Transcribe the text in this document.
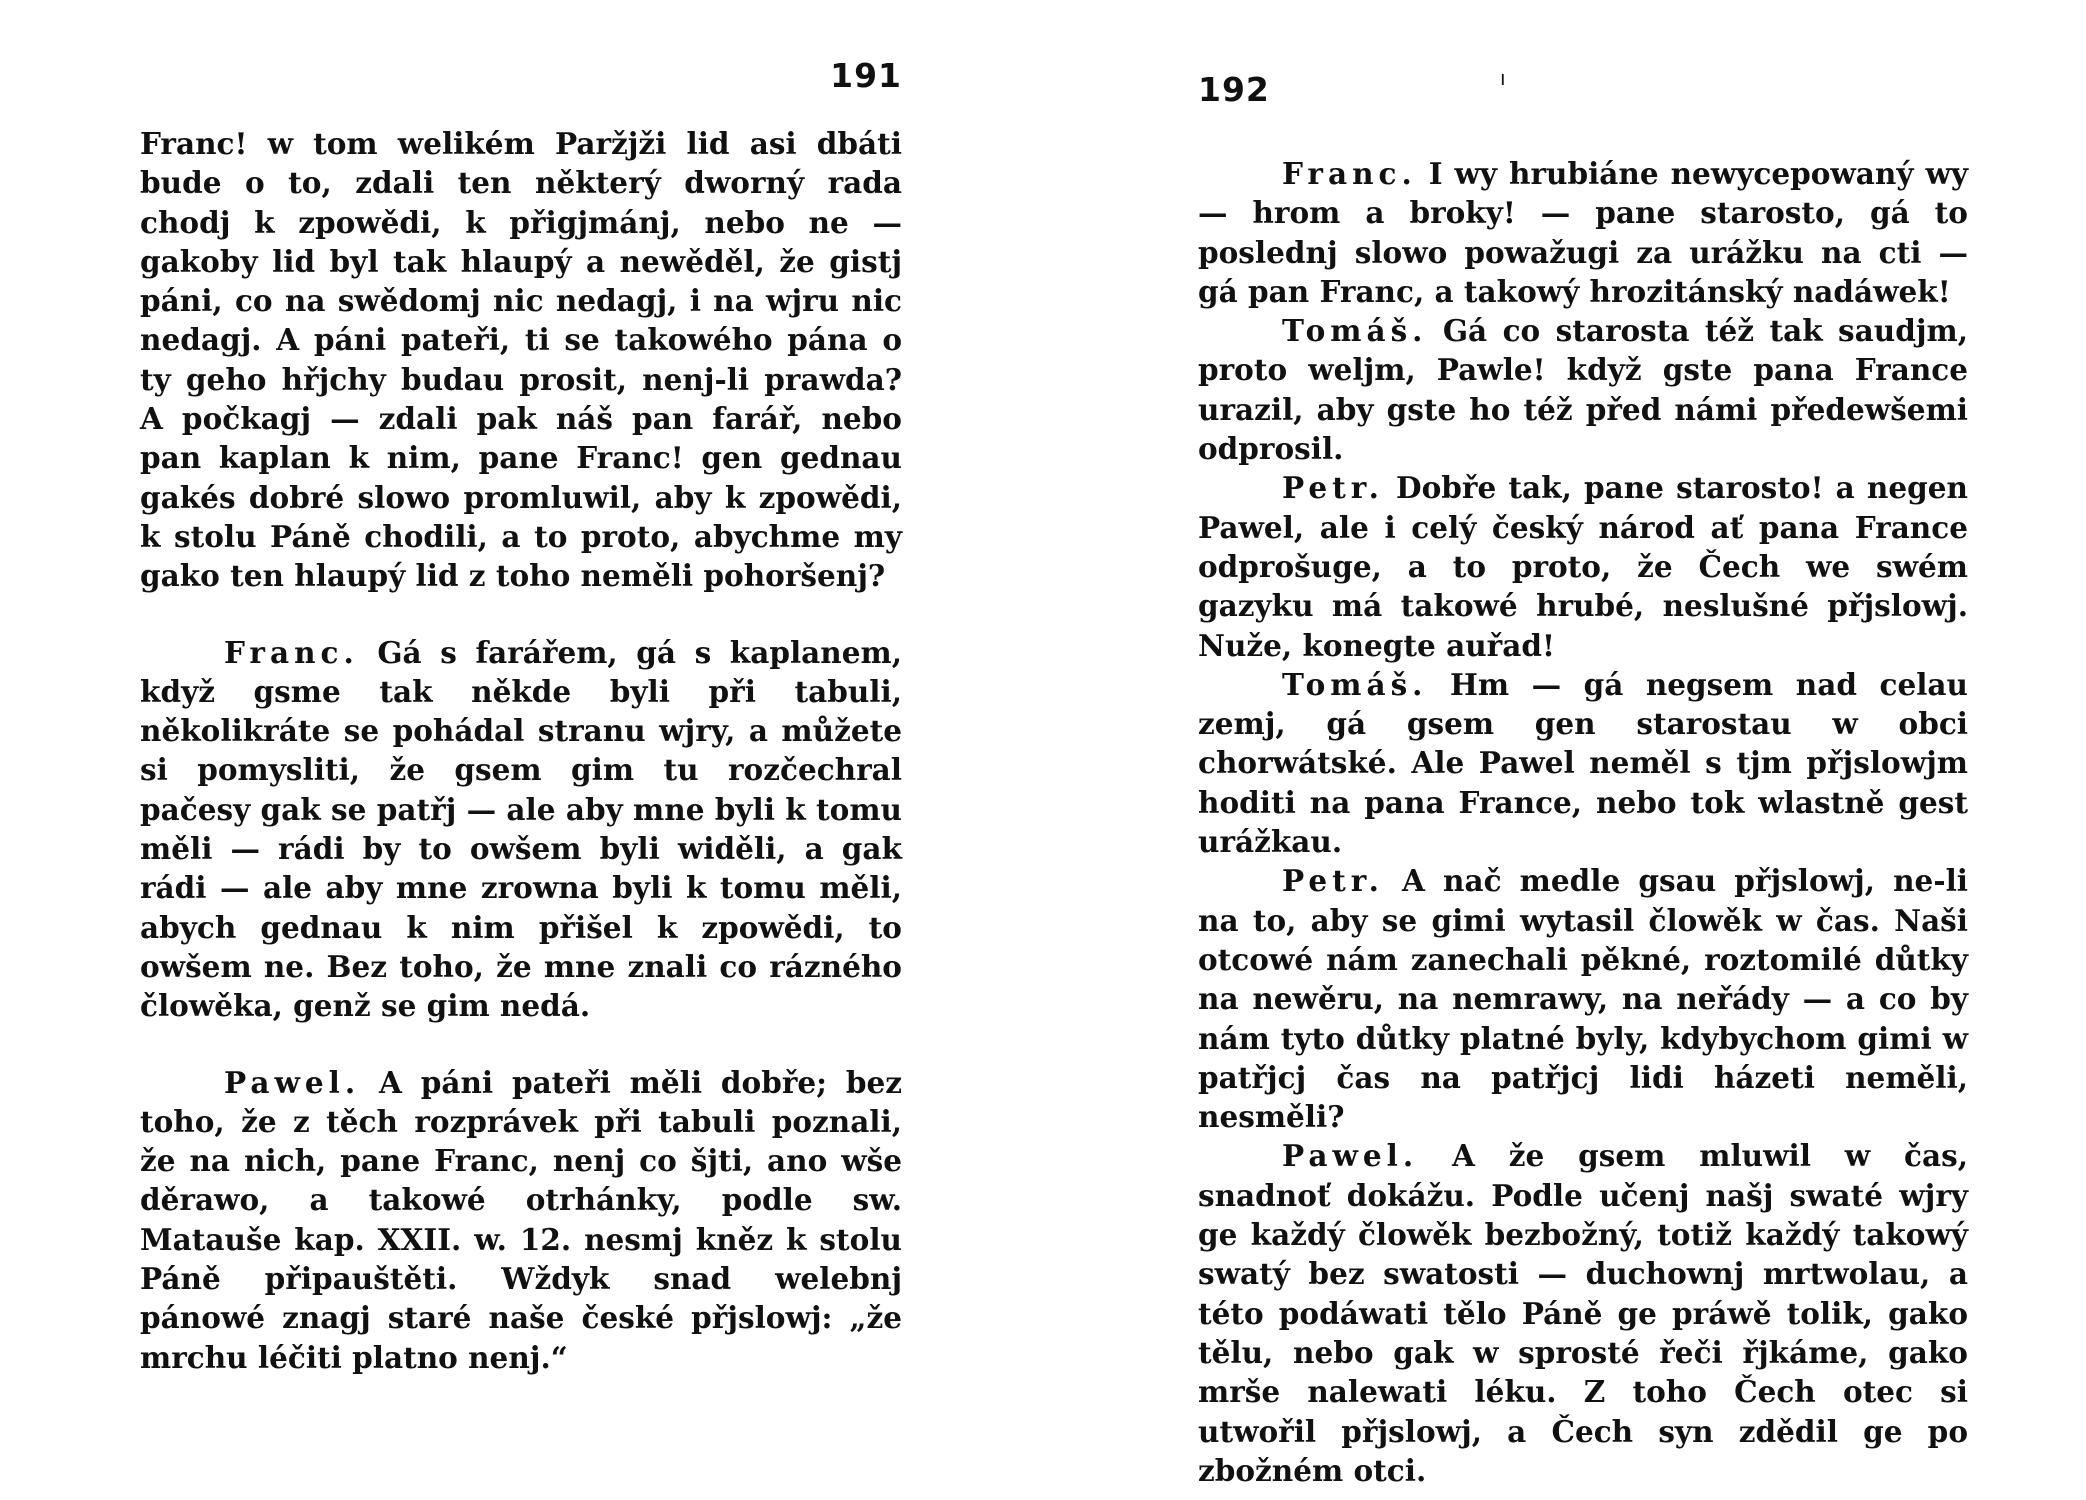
191

Franc! w tom welikém Paržjži lid asi dbáti bude o to, zdali ten některý dworný rada chodj k zpowědi, k přigjmánj, nebo ne — gakoby lid byl tak hlaupý a newěděl, že gistj páni, co na swědomj nic nedagj, i na wjru nic nedagj. A páni pateři, ti se takowého pána o ty geho hřjchy budau prosit, nenj-li prawda? A počkagj — zdali pak náš pan farář, nebo pan kaplan k nim, pane Franc! gen gednau gakés dobré slowo promluwil, aby k zpowědi, k stolu Páně chodili, a to proto, abychme my gako ten hlaupý lid z toho neměli pohoršenj?

Franc. Gá s farářem, gá s kaplanem, když gsme tak někde byli při tabuli, několikráte se pohádal stranu wjry, a můžete si pomysliti, že gsem gim tu rozčechral pačesy gak se patřj — ale aby mne byli k tomu měli — rádi by to owšem byli widěli, a gak rádi — ale aby mne zrowna byli k tomu měli, abych gednau k nim přišel k zpowědi, to owšem ne. Bez toho, že mne znali co rázného člowěka, genž se gim nedá.

Pawel. A páni pateři měli dobře; bez toho, že z těch rozprávek při tabuli poznali, že na nich, pane Franc, nenj co šjti, ano wše děrawo, a takowé otrhánky, podle sw. Matauše kap. XXII. w. 12. nesmj kněz k stolu Páně připauštěti. Wždyk snad welebnj pánowé znagj staré naše české přjslowj: „že mrchu léčiti platno nenj.“

192	ı

Franc. I wy hrubiáne newycepowaný wy — hrom a broky! — pane starosto, gá to poslednj slowo powažugi za urážku na cti — gá pan Franc, a takowý hrozitánský nadáwek!

Tomáš. Gá co starosta též tak saudjm, proto weljm, Pawle! když gste pana France urazil, aby gste ho též před námi předewšemi odprosil.

Petr. Dobře tak, pane starosto! a negen Pawel, ale i celý český národ ať pana France odprošuge, a to proto, že Čech we swém gazyku má takowé hrubé, neslušné přjslowj. Nuže, konegte auřad!

Tomáš. Hm — gá negsem nad celau zemj, gá gsem gen starostau w obci chorwátské. Ale Pawel neměl s tjm přjslowjm hoditi na pana France, nebo tok wlastně gest urážkau.

Petr. A nač medle gsau přjslowj, ne-li na to, aby se gimi wytasil člowěk w čas. Naši otcowé nám zanechali pěkné, roztomilé důtky na newěru, na nemrawy, na neřády — a co by nám tyto důtky platné byly, kdybychom gimi w patřjcj čas na patřjcj lidi házeti neměli, nesměli?

Pawel. A že gsem mluwil w čas, snadnoť dokážu. Podle učenj našj swaté wjry ge každý člowěk bezbožný, totiž každý takowý swatý bez swatosti — duchownj mrtwolau, a této podáwati tělo Páně ge práwě tolik, gako tělu, nebo gak w sprosté řeči řjkáme, gako mrše nalewati léku. Z toho Čech otec si utwořil přjslowj, a Čech syn zdědil ge po zbožném otci.
